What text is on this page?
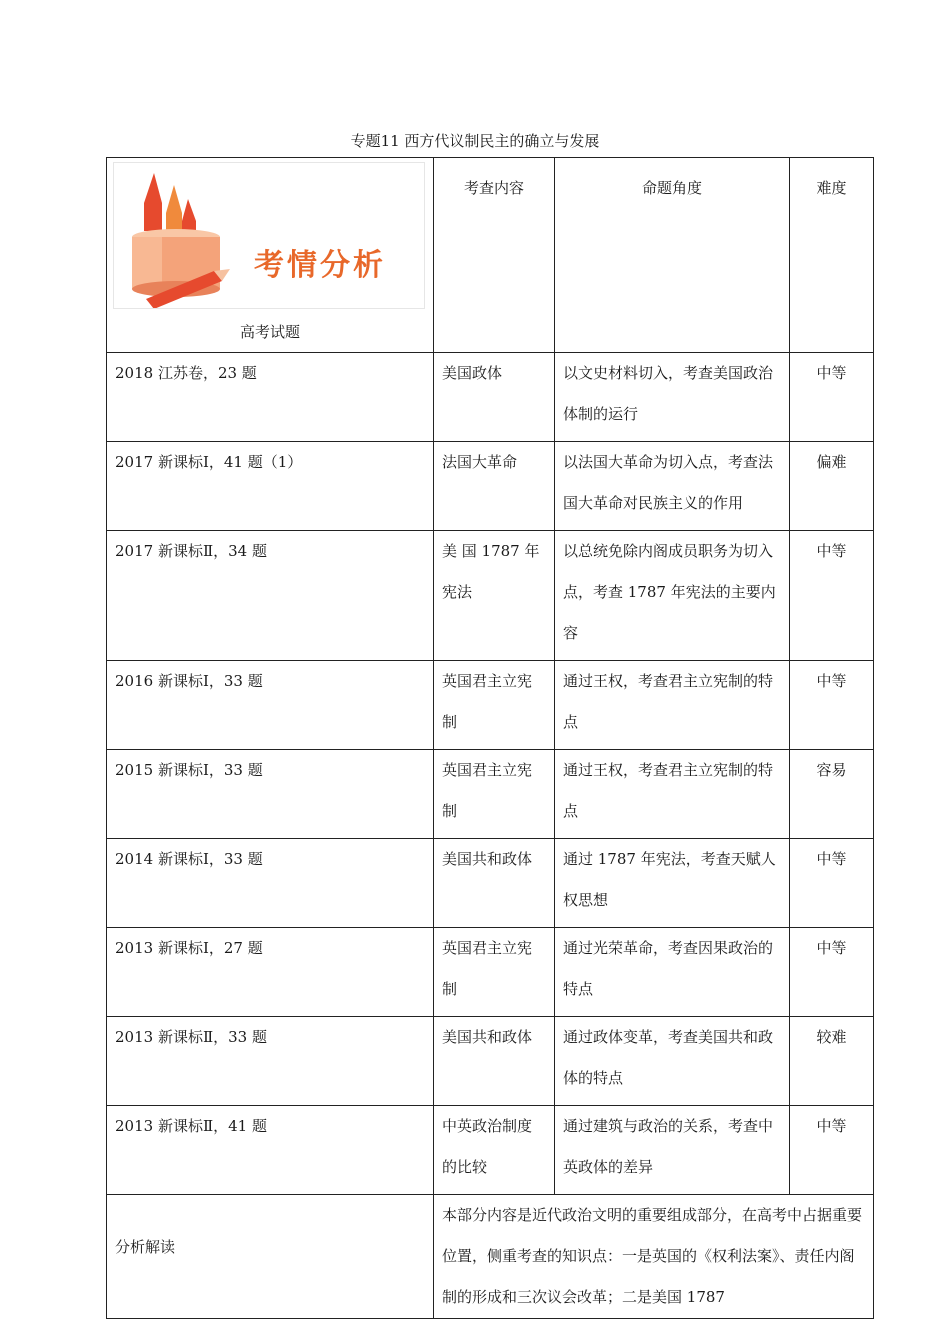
专题11 西方代议制民主的确立与发展
考情分析
高考试题	考查内容	命题角度	难度
2018 江苏卷，23 题	美国政体	以文史材料切入，考查美国政治体制的运行	中等
2017 新课标Ⅰ，41 题（1）	法国大革命	以法国大革命为切入点，考查法国大革命对民族主义的作用	偏难
2017 新课标Ⅱ，34 题	美 国 1787 年宪法	以总统免除内阁成员职务为切入点，考查 1787 年宪法的主要内容	中等
2016 新课标Ⅰ，33 题	英国君主立宪制	通过王权，考查君主立宪制的特点	中等
2015 新课标Ⅰ，33 题	英国君主立宪制	通过王权，考查君主立宪制的特点	容易
2014 新课标Ⅰ，33 题	美国共和政体	通过 1787 年宪法，考查天赋人权思想	中等
2013 新课标Ⅰ，27 题	英国君主立宪制	通过光荣革命，考查因果政治的特点	中等
2013 新课标Ⅱ，33 题	美国共和政体	通过政体变革，考查美国共和政体的特点	较难
2013 新课标Ⅱ，41 题	中英政治制度的比较	通过建筑与政治的关系，考查中英政体的差异	中等
分析解读	本部分内容是近代政治文明的重要组成部分，在高考中占据重要位置，侧重考查的知识点：一是英国的《权利法案》、责任内阁制的形成和三次议会改革；二是美国 1787		
